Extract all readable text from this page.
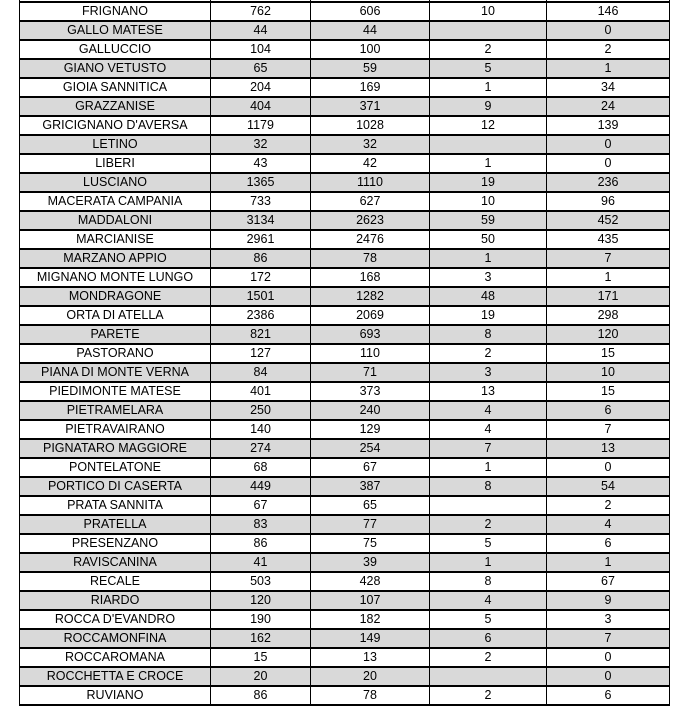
FRIGNANO	762	606	10	146
GALLO MATESE	44	44		0
GALLUCCIO	104	100	2	2
GIANO VETUSTO	65	59	5	1
GIOIA SANNITICA	204	169	1	34
GRAZZANISE	404	371	9	24
GRICIGNANO D'AVERSA	1179	1028	12	139
LETINO	32	32		0
LIBERI	43	42	1	0
LUSCIANO	1365	1110	19	236
MACERATA CAMPANIA	733	627	10	96
MADDALONI	3134	2623	59	452
MARCIANISE	2961	2476	50	435
MARZANO APPIO	86	78	1	7
MIGNANO MONTE LUNGO	172	168	3	1
MONDRAGONE	1501	1282	48	171
ORTA DI ATELLA	2386	2069	19	298
PARETE	821	693	8	120
PASTORANO	127	110	2	15
PIANA DI MONTE VERNA	84	71	3	10
PIEDIMONTE MATESE	401	373	13	15
PIETRAMELARA	250	240	4	6
PIETRAVAIRANO	140	129	4	7
PIGNATARO MAGGIORE	274	254	7	13
PONTELATONE	68	67	1	0
PORTICO DI CASERTA	449	387	8	54
PRATA SANNITA	67	65		2
PRATELLA	83	77	2	4
PRESENZANO	86	75	5	6
RAVISCANINA	41	39	1	1
RECALE	503	428	8	67
RIARDO	120	107	4	9
ROCCA D'EVANDRO	190	182	5	3
ROCCAMONFINA	162	149	6	7
ROCCAROMANA	15	13	2	0
ROCCHETTA E CROCE	20	20		0
RUVIANO	86	78	2	6
